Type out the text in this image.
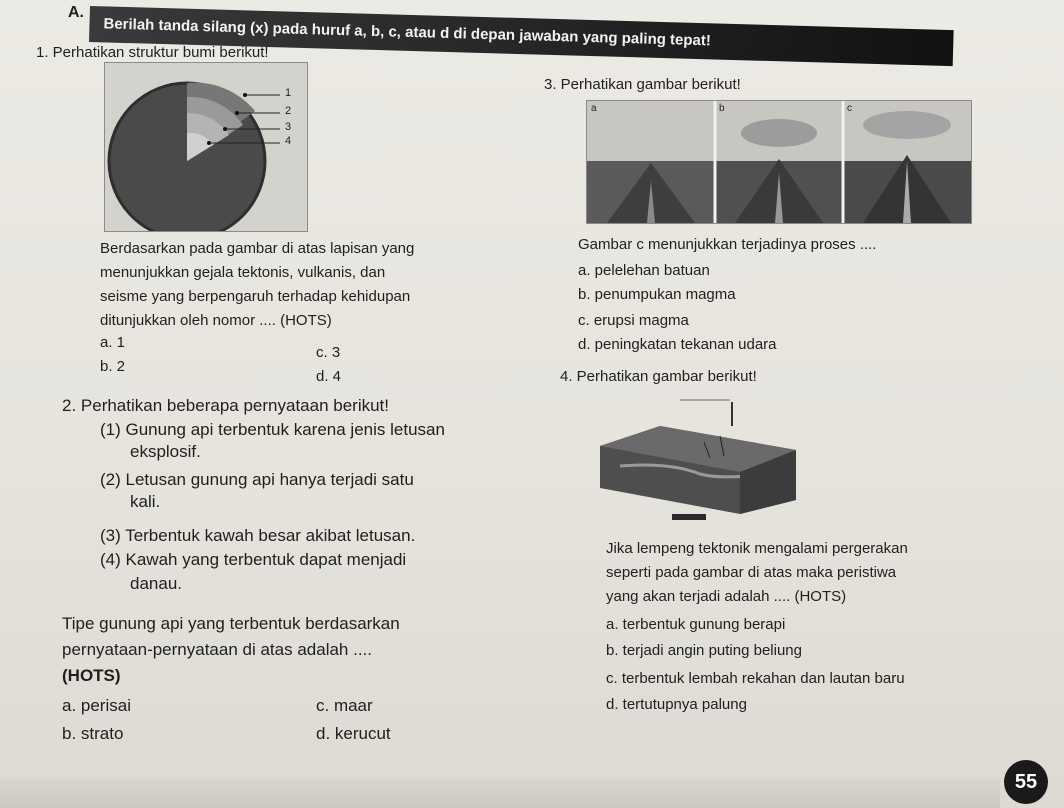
A.
Berilah tanda silang (x) pada huruf a, b, c, atau d di depan jawaban yang paling tepat!
1. Perhatikan struktur bumi berikut!
1
2
3
4
Berdasarkan pada gambar di atas lapisan yang
menunjukkan gejala tektonis, vulkanis, dan
seisme yang berpengaruh terhadap kehidupan
ditunjukkan oleh nomor .... (HOTS)
a. 1
b. 2
c. 3
d. 4
2. Perhatikan beberapa pernyataan berikut!
(1) Gunung api terbentuk karena jenis letusan
eksplosif.
(2) Letusan gunung api hanya terjadi satu
kali.
(3) Terbentuk kawah besar akibat letusan.
(4) Kawah yang terbentuk dapat menjadi
danau.
Tipe gunung api yang terbentuk berdasarkan
pernyataan-pernyataan di atas adalah ....
(HOTS)
a. perisai
b. strato
c. maar
d. kerucut
3. Perhatikan gambar berikut!
a	b	c
Gambar c menunjukkan terjadinya proses ....
a. pelelehan batuan
b. penumpukan magma
c. erupsi magma
d. peningkatan tekanan udara
4. Perhatikan gambar berikut!
Jika lempeng tektonik mengalami pergerakan
seperti pada gambar di atas maka peristiwa
yang akan terjadi adalah .... (HOTS)
a. terbentuk gunung berapi
b. terjadi angin puting beliung
c. terbentuk lembah rekahan dan lautan baru
d. tertutupnya palung
55
